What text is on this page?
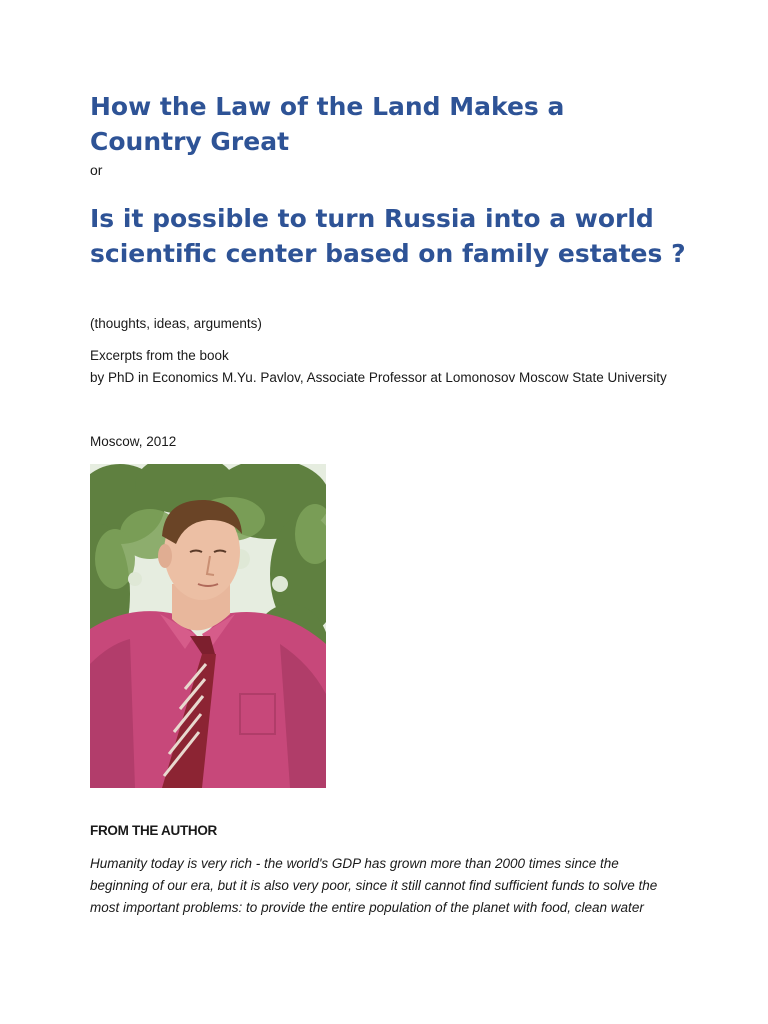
How the Law of the Land Makes a Country Great
or
Is it possible to turn Russia into a world scientific center based on family estates ?
(thoughts, ideas, arguments)
Excerpts from the book
by PhD in Economics M.Yu. Pavlov, Associate Professor at Lomonosov Moscow State University
Moscow, 2012
FROM THE AUTHOR

Humanity today is very rich - the world's GDP has grown more than 2000 times since the
beginning of our era, but it is also very poor, since it still cannot find sufficient funds to solve the
most important problems: to provide the entire population of the planet with food, clean water
